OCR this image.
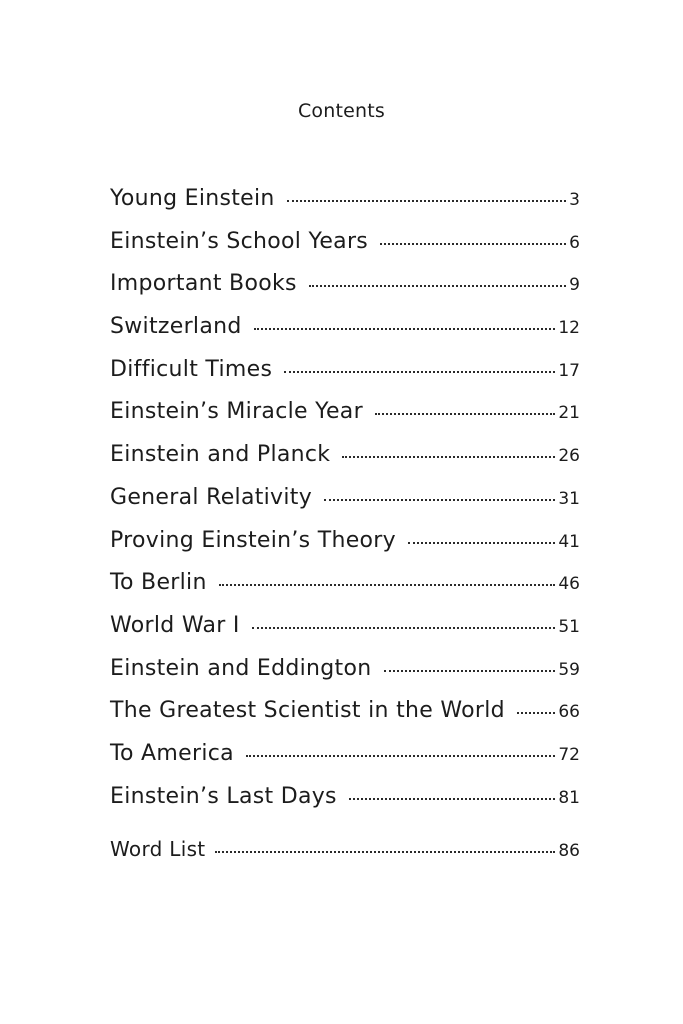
Contents
Young Einstein	3
Einstein’s School Years	6
Important Books	9
Switzerland	12
Difficult Times	17
Einstein’s Miracle Year	21
Einstein and Planck	26
General Relativity	31
Proving Einstein’s Theory	41
To Berlin	46
World War I	51
Einstein and Eddington	59
The Greatest Scientist in the World	66
To America	72
Einstein’s Last Days	81
Word List	86
